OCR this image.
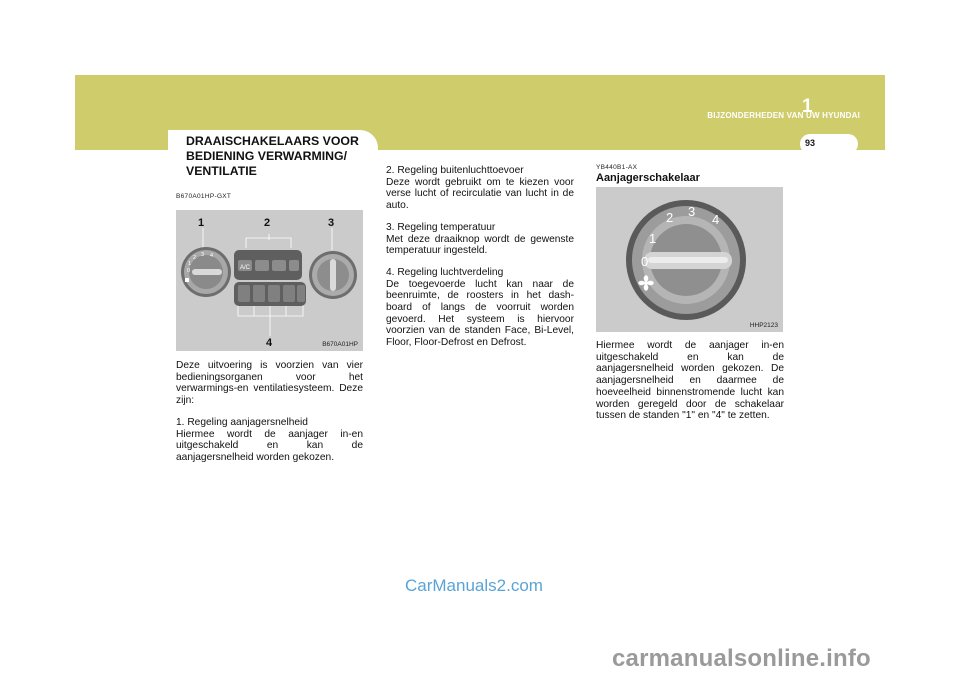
BIJZONDERHEDEN VAN UW HYUNDAI
1
93
DRAAISCHAKELAARS VOOR BEDIENING VERWARMING/ VENTILATIE
B670A01HP-GXT
0
1
2 3 4
A/C
1	2	3
4	B670A01HP

Deze uitvoering is voorzien van vier bedieningsorganen voor het verwarmings-en ventilatiesysteem. Deze zijn:

1. Regeling aanjagersnelheid

Hiermee wordt de aanjager in-en uitgeschakeld en kan de aanjagersnelheid worden gekozen.

2. Regeling buitenluchttoevoer

Deze wordt gebruikt om te kiezen voor verse lucht of recirculatie van lucht in de auto.

3. Regeling temperatuur

Met deze draaiknop wordt de gewenste temperatuur ingesteld.

4. Regeling luchtverdeling

De toegevoerde lucht kan naar de beenruimte, de roosters in het dash-board of langs de voorruit worden gevoerd. Het systeem is hiervoor voorzien van de standen Face, Bi-Level, Floor, Floor-Defrost en Defrost.

YB440B1-AX
Aanjagerschakelaar
0
1
2 3
4
HHP2123

Hiermee wordt de aanjager in-en uitgeschakeld en kan de aanjagersnelheid worden gekozen. De aanjagersnelheid en daarmee de hoeveelheid binnenstromende lucht kan worden geregeld door de schakelaar tussen de standen "1" en "4" te zetten.

CarManuals2.com
carmanualsonline.info
